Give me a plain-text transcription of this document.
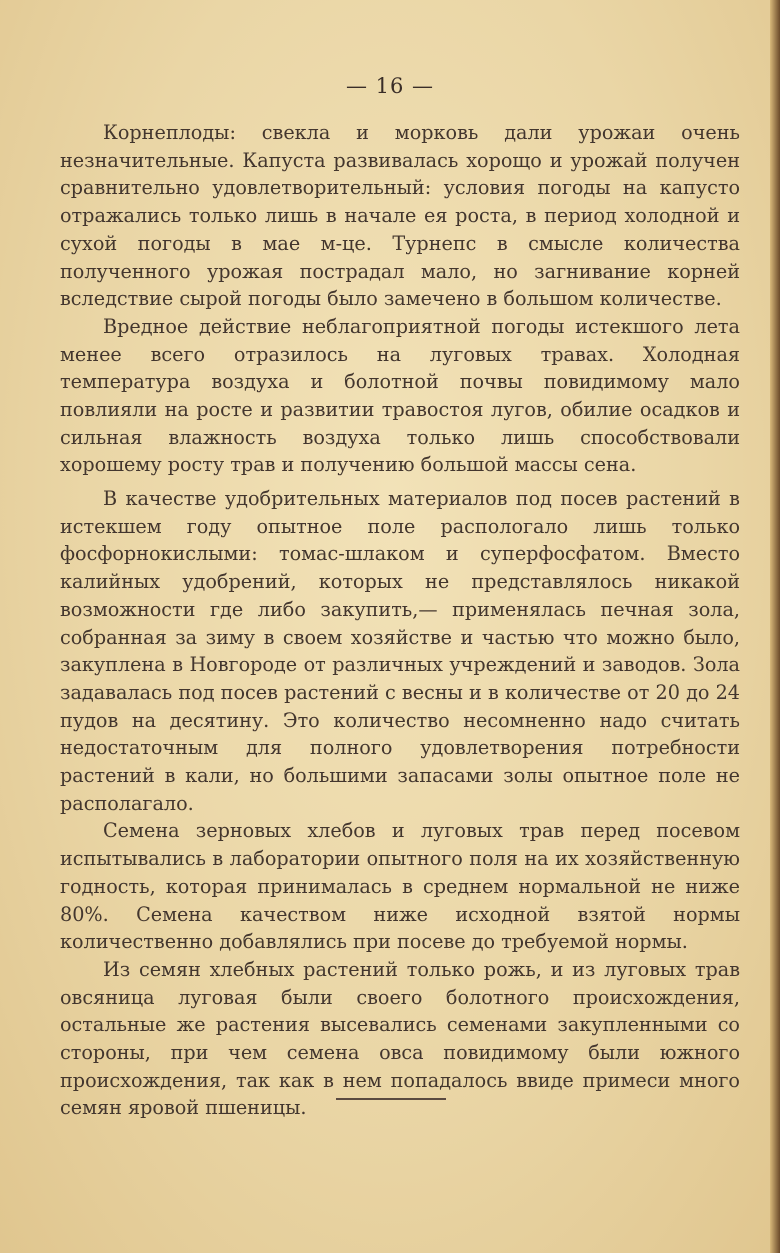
— 16 —

Корнеплоды: свекла и морковь дали урожаи очень незначительные. Капуста развивалась хорощо и урожай получен сравнительно удовлетворительный: условия погоды на капусто отражались только лишь в начале ея роста, в период холодной и сухой погоды в мае м-це. Турнепс в смысле количества полученного урожая пострадал мало, но загнивание корней вследствие сырой погоды было замечено в большом количестве.

Вредное действие неблагоприятной погоды истекшого лета менее всего отразилось на луговых травах. Холодная температура воздуха и болотной почвы повидимому мало повлияли на росте и развитии травостоя лугов, обилие осадков и сильная влажность воздуха только лишь способствовали хорошему росту трав и получению большой массы сена.

В качестве удобрительных материалов под посев растений в истекшем году опытное поле распологало лишь только фосфорнокислыми: томас-шлаком и суперфосфатом. Вместо калийных удобрений, которых не представлялось никакой возможности где либо закупить,— применялась печная зола, собранная за зиму в своем хозяйстве и частью что можно было, закуплена в Новгороде от различных учреждений и заводов. Зола задавалась под посев растений с весны и в количестве от 20 до 24 пудов на десятину. Это количество несомненно надо считать недостаточным для полного удовлетворения потребности растений в кали, но большими запасами золы опытное поле не располагало.

Семена зерновых хлебов и луговых трав перед посевом испытывались в лаборатории опытного поля на их хозяйственную годность, которая принималась в среднем нормальной не ниже 80%. Семена качеством ниже исходной взятой нормы количественно добавлялись при посеве до требуемой нормы.

Из семян хлебных растений только рожь, и из луговых трав овсяница луговая были своего болотного происхождения, остальные же растения высевались семенами закупленными со стороны, при чем семена овса повидимому были южного происхождения, так как в нем попадалось ввиде примеси много семян яровой пшеницы.
